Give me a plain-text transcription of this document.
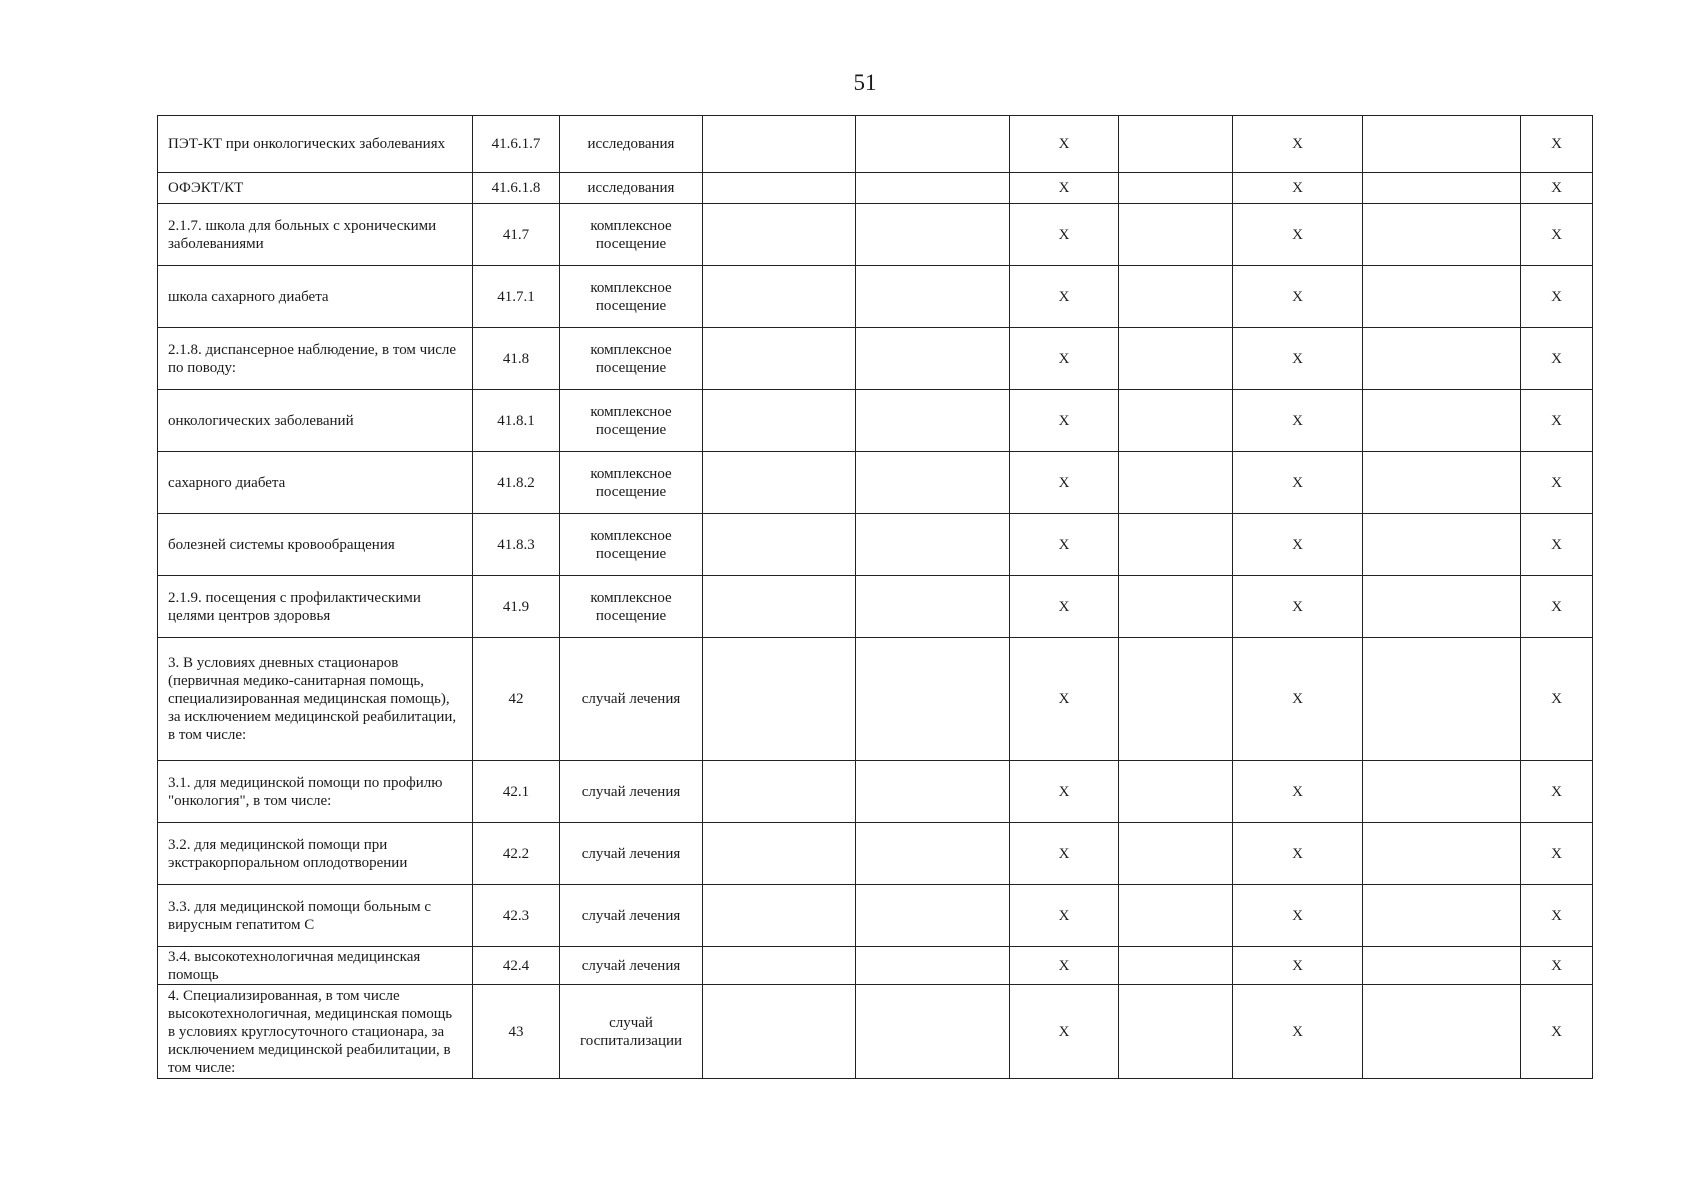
51
ПЭТ-КТ при онкологических заболеваниях	41.6.1.7	исследования			X		X		X
ОФЭКТ/КТ	41.6.1.8	исследования			X		X		X
2.1.7. школа для больных с хроническими заболеваниями	41.7	комплексное посещение			X		X		X
школа сахарного диабета	41.7.1	комплексное посещение			X		X		X
2.1.8. диспансерное наблюдение, в том числе по поводу:	41.8	комплексное посещение			X		X		X
онкологических заболеваний	41.8.1	комплексное посещение			X		X		X
сахарного диабета	41.8.2	комплексное посещение			X		X		X
болезней системы кровообращения	41.8.3	комплексное посещение			X		X		X
2.1.9. посещения с профилактическими целями центров здоровья	41.9	комплексное посещение			X		X		X
3. В условиях дневных стационаров (первичная медико-санитарная помощь, специализированная медицинская помощь), за исключением медицинской реабилитации, в том числе:	42	случай лечения			X		X		X
3.1. для медицинской помощи по профилю "онкология", в том числе:	42.1	случай лечения			X		X		X
3.2. для медицинской помощи при экстракорпоральном оплодотворении	42.2	случай лечения			X		X		X
3.3. для медицинской помощи больным с вирусным гепатитом С	42.3	случай лечения			X		X		X
3.4. высокотехнологичная медицинская помощь	42.4	случай лечения			X		X		X
4. Специализированная, в том числе высокотехнологичная, медицинская помощь в условиях круглосуточного стационара, за исключением медицинской реабилитации, в том числе:	43	случай госпитализации			X		X		X
